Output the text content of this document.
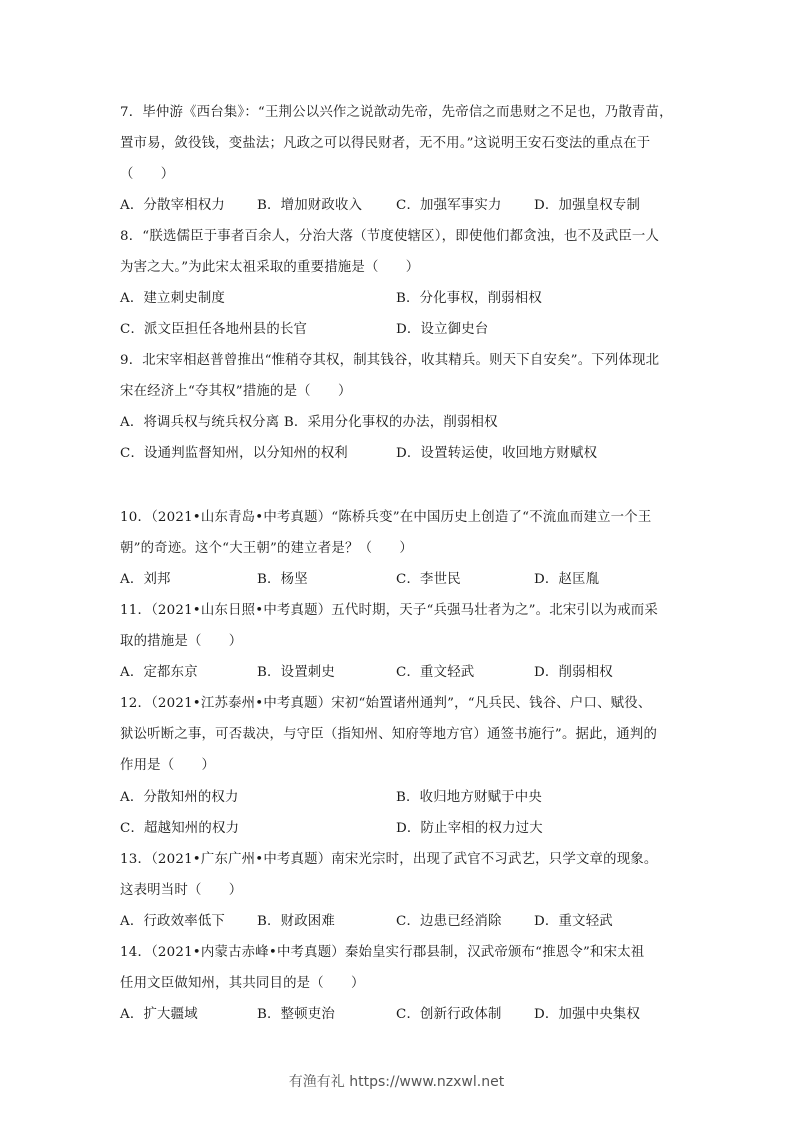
7．毕仲游《西台集》：“王荆公以兴作之说歆动先帝，先帝信之而患财之不足也，乃散青苗，
置市易，敛役钱，变盐法；凡政之可以得民财者，无不用。”这说明王安石变法的重点在于
（　　）
A．分散宰相权力 B．增加财政收入	C．加强军事实力 D．加强皇权专制
8．“朕选儒臣于事者百余人，分治大落（节度使辖区），即使他们都贪浊，也不及武臣一人
为害之大。”为此宋太祖采取的重要措施是（　　）
A．建立刺史制度	B．分化事权，削弱相权
C．派文臣担任各地州县的长官	D．设立御史台
9．北宋宰相赵普曾推出“惟稍夺其权，制其钱谷，收其精兵。则天下自安矣”。下列体现北
宋在经济上“夺其权”措施的是（　　）
A．将调兵权与统兵权分离 B．采用分化事权的办法，削弱相权
C．设通判监督知州，以分知州的权利	D．设置转运使，收回地方财赋权
10．（2021•山东青岛•中考真题）“陈桥兵变”在中国历史上创造了“不流血而建立一个王
朝”的奇迹。这个“大王朝”的建立者是？（　　）
A．刘邦	B．杨坚	C．李世民	D．赵匡胤
11．（2021•山东日照•中考真题）五代时期，天子“兵强马壮者为之”。北宋引以为戒而采
取的措施是（　　）
A．定都东京	B．设置刺史	C．重文轻武	D．削弱相权
12．（2021•江苏泰州•中考真题）宋初“始置诸州通判”，“凡兵民、钱谷、户口、赋役、
狱讼听断之事，可否裁决，与守臣（指知州、知府等地方官）通签书施行”。据此，通判的
作用是（　　）
A．分散知州的权力	B．收归地方财赋于中央
C．超越知州的权力	D．防止宰相的权力过大
13．（2021•广东广州•中考真题）南宋光宗时，出现了武官不习武艺，只学文章的现象。
这表明当时（　　）
A．行政效率低下 B．财政困难	C．边患已经消除 D．重文轻武
14．（2021•内蒙古赤峰•中考真题）秦始皇实行郡县制，汉武帝颁布“推恩令”和宋太祖
任用文臣做知州，其共同目的是（　　）
A．扩大疆域	B．整顿吏治	C．创新行政体制 D．加强中央集权
有渔有礼 https://www.nzxwl.net
